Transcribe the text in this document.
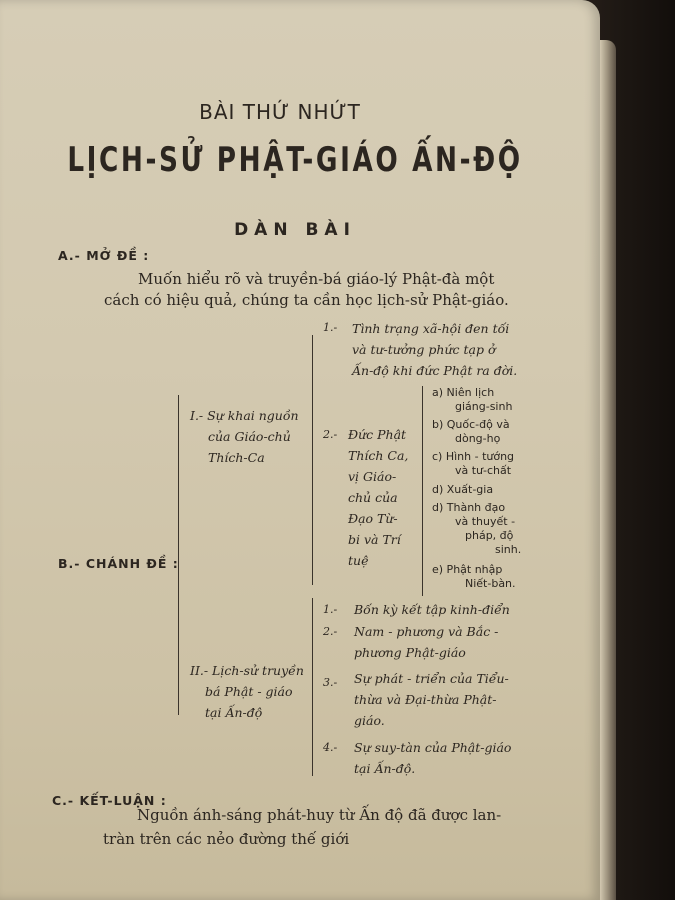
BÀI THỨ NHỨT
LỊCH-SỬ PHẬT-GIÁO ẤN-ĐỘ
DÀN BÀI
A.- MỞ ĐỀ :
Muốn hiểu rõ và truyền-bá giáo-lý Phật-đà một
cách có hiệu quả, chúng ta cần học lịch-sử Phật-giáo.
B.- CHÁNH ĐỀ :
I.- Sự khai nguồn
của Giáo-chủ
Thích-Ca
1.- Tình trạng xã-hội đen tối
và tư-tưởng phức tạp ở
Ấn-độ khi đức Phật ra đời.
2.- Đức Phật
Thích Ca,
vị Giáo-
chủ của
Đạo Từ-
bi và Trí
tuệ
a) Niên lịch
giáng-sinh
b) Quốc-độ và
dòng-họ
c) Hình - tướng
và tư-chất
d) Xuất-gia
d) Thành đạo
và thuyết -
pháp, độ
sinh.
e) Phật nhập
Niết-bàn.
II.- Lịch-sử truyền
bá Phật - giáo
tại Ấn-độ
1.- Bốn kỳ kết tập kinh-điển
2.- Nam - phương và Bắc -
phương Phật-giáo
3.- Sự phát - triển của Tiểu-
thừa và Đại-thừa Phật-
giáo.
4.- Sự suy-tàn của Phật-giáo
tại Ấn-độ.
C.- KẾT-LUẬN :
Nguồn ánh-sáng phát-huy từ Ấn độ đã được lan-
tràn trên các nẻo đường thế giới
